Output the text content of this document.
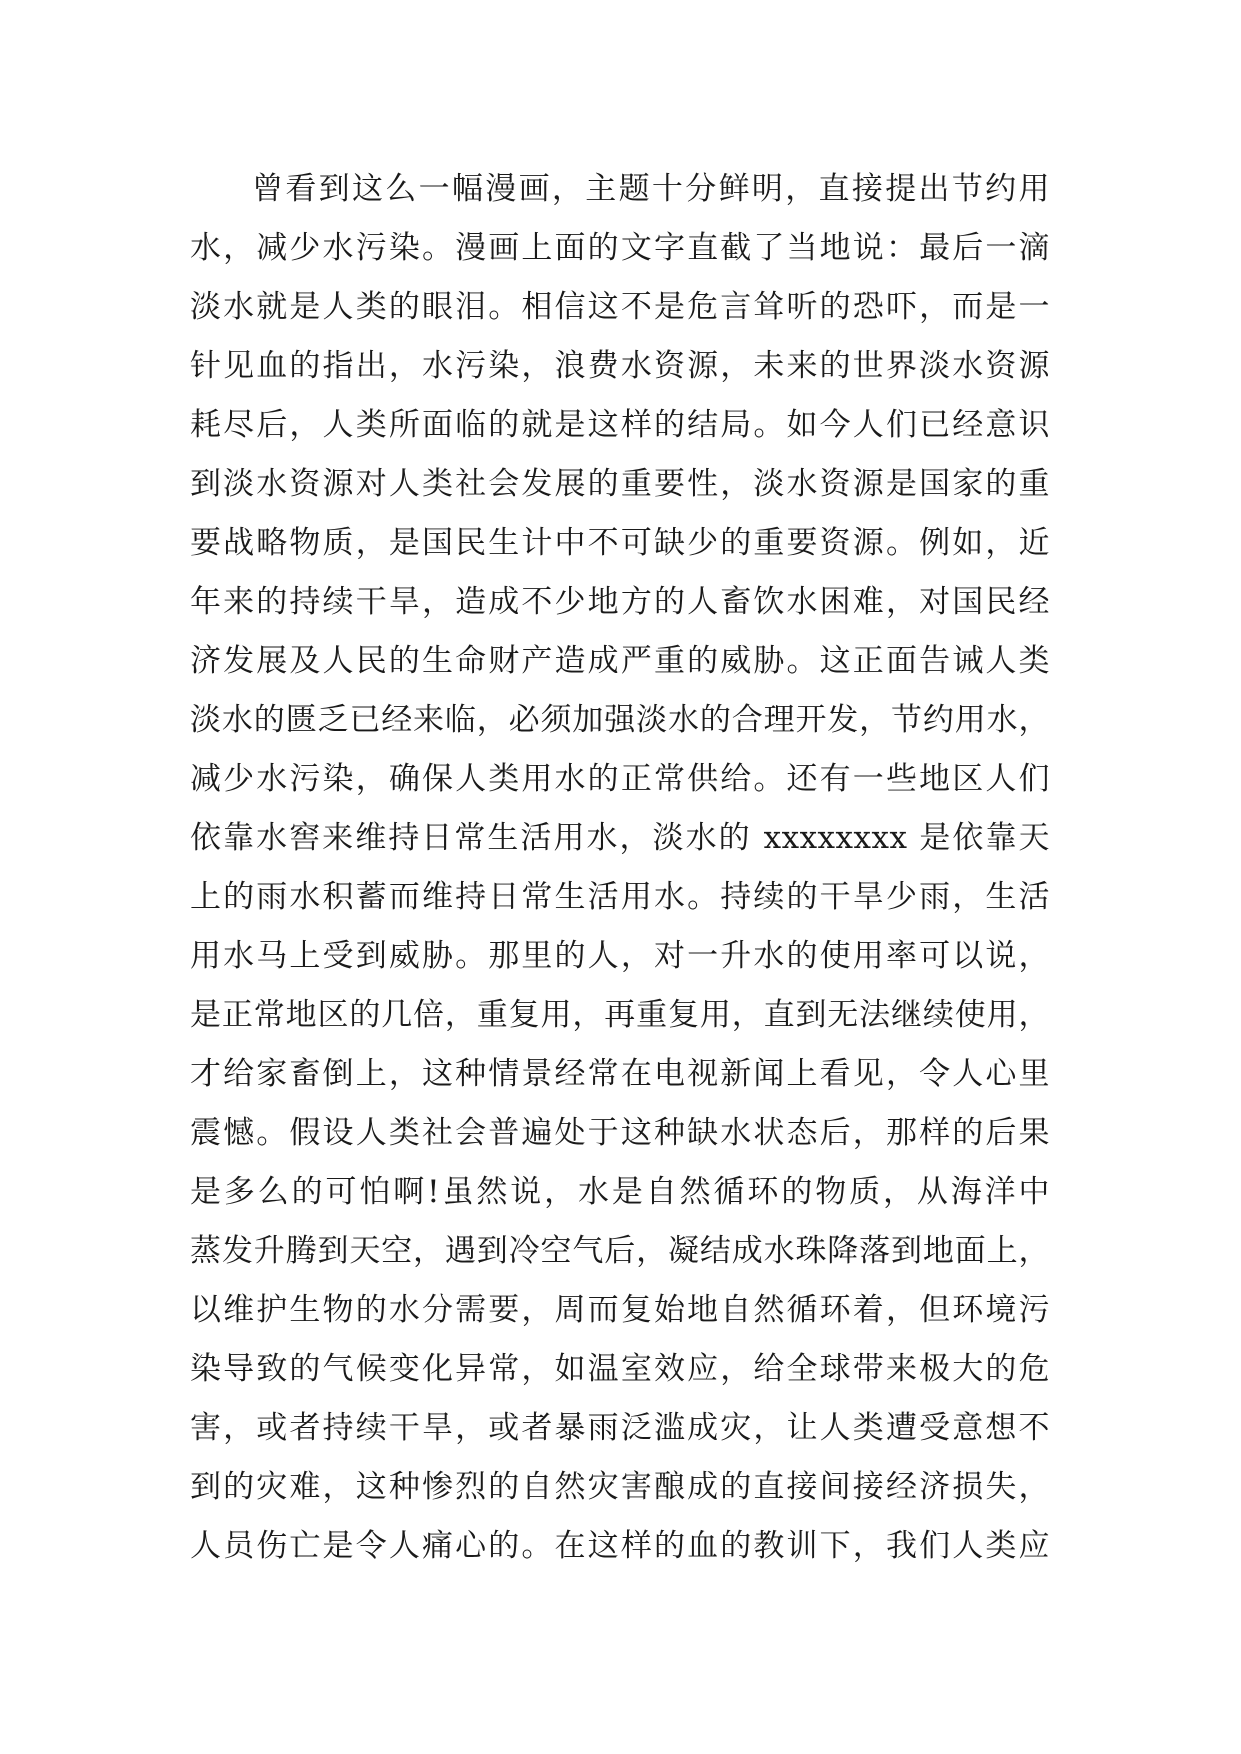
曾看到这么一幅漫画，主题十分鲜明，直接提出节约用
水，减少水污染。漫画上面的文字直截了当地说：最后一滴
淡水就是人类的眼泪。相信这不是危言耸听的恐吓，而是一
针见血的指出，水污染，浪费水资源，未来的世界淡水资源
耗尽后，人类所面临的就是这样的结局。如今人们已经意识
到淡水资源对人类社会发展的重要性，淡水资源是国家的重
要战略物质，是国民生计中不可缺少的重要资源。例如，近
年来的持续干旱，造成不少地方的人畜饮水困难，对国民经
济发展及人民的生命财产造成严重的威胁。这正面告诫人类
淡水的匮乏已经来临，必须加强淡水的合理开发，节约用水，
减少水污染，确保人类用水的正常供给。还有一些地区人们
依靠水窖来维持日常生活用水，淡水的 xxxxxxxx 是依靠天
上的雨水积蓄而维持日常生活用水。持续的干旱少雨，生活
用水马上受到威胁。那里的人，对一升水的使用率可以说，
是正常地区的几倍，重复用，再重复用，直到无法继续使用，
才给家畜倒上，这种情景经常在电视新闻上看见，令人心里
震憾。假设人类社会普遍处于这种缺水状态后，那样的后果
是多么的可怕啊!虽然说，水是自然循环的物质，从海洋中
蒸发升腾到天空，遇到冷空气后，凝结成水珠降落到地面上，
以维护生物的水分需要，周而复始地自然循环着，但环境污
染导致的气候变化异常，如温室效应，给全球带来极大的危
害，或者持续干旱，或者暴雨泛滥成灾，让人类遭受意想不
到的灾难，这种惨烈的自然灾害酿成的直接间接经济损失，
人员伤亡是令人痛心的。在这样的血的教训下，我们人类应
